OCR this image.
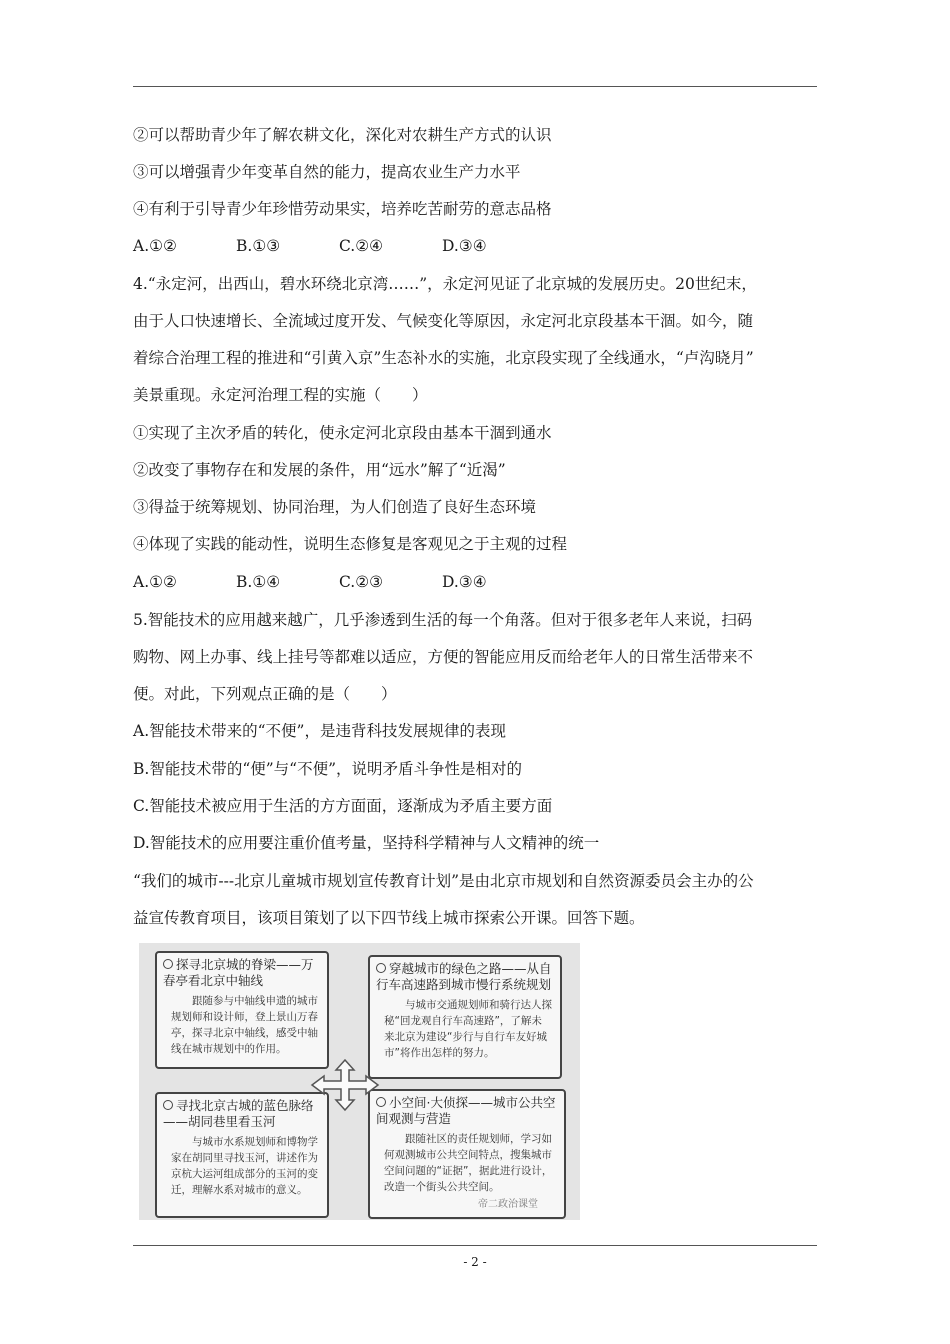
②可以帮助青少年了解农耕文化，深化对农耕生产方式的认识
③可以增强青少年变革自然的能力，提高农业生产力水平
④有利于引导青少年珍惜劳动果实，培养吃苦耐劳的意志品格
A.①②	B.①③	C.②④	D.③④
4.“永定河，出西山，碧水环绕北京湾……”，永定河见证了北京城的发展历史。20世纪末，
由于人口快速增长、全流域过度开发、气候变化等原因，永定河北京段基本干涸。如今，随
着综合治理工程的推进和“引黄入京”生态补水的实施，北京段实现了全线通水，“卢沟晓月”
美景重现。永定河治理工程的实施（　　）
①实现了主次矛盾的转化，使永定河北京段由基本干涸到通水
②改变了事物存在和发展的条件，用“远水”解了“近渴”
③得益于统筹规划、协同治理，为人们创造了良好生态环境
④体现了实践的能动性，说明生态修复是客观见之于主观的过程
A.①②	B.①④	C.②③	D.③④
5.智能技术的应用越来越广，几乎渗透到生活的每一个角落。但对于很多老年人来说，扫码
购物、网上办事、线上挂号等都难以适应，方便的智能应用反而给老年人的日常生活带来不
便。对此，下列观点正确的是（　　）
A.智能技术带来的“不便”，是违背科技发展规律的表现
B.智能技术带的“便”与“不便”，说明矛盾斗争性是相对的
C.智能技术被应用于生活的方方面面，逐渐成为矛盾主要方面
D.智能技术的应用要注重价值考量，坚持科学精神与人文精神的统一
“我们的城市---北京儿童城市规划宣传教育计划”是由北京市规划和自然资源委员会主办的公
益宣传教育项目，该项目策划了以下四节线上城市探索公开课。回答下题。
探寻北京城的脊梁——万春亭看北京中轴线
跟随参与中轴线申遗的城市规划师和设计师，登上景山万春亭，探寻北京中轴线，感受中轴线在城市规划中的作用。
穿越城市的绿色之路——从自行车高速路到城市慢行系统规划
与城市交通规划师和骑行达人探秘“回龙观自行车高速路”，了解未来北京为建设“步行与自行车友好城市”将作出怎样的努力。
寻找北京古城的蓝色脉络——胡同巷里看玉河
与城市水系规划师和博物学家在胡同里寻找玉河，讲述作为京杭大运河组成部分的玉河的变迁，理解水系对城市的意义。
小空间·大侦探——城市公共空间观测与营造
跟随社区的责任规划师，学习如何观测城市公共空间特点，搜集城市空间问题的“证据”，据此进行设计，改造一个街头公共空间。
帝二政治课堂
- 2 -
